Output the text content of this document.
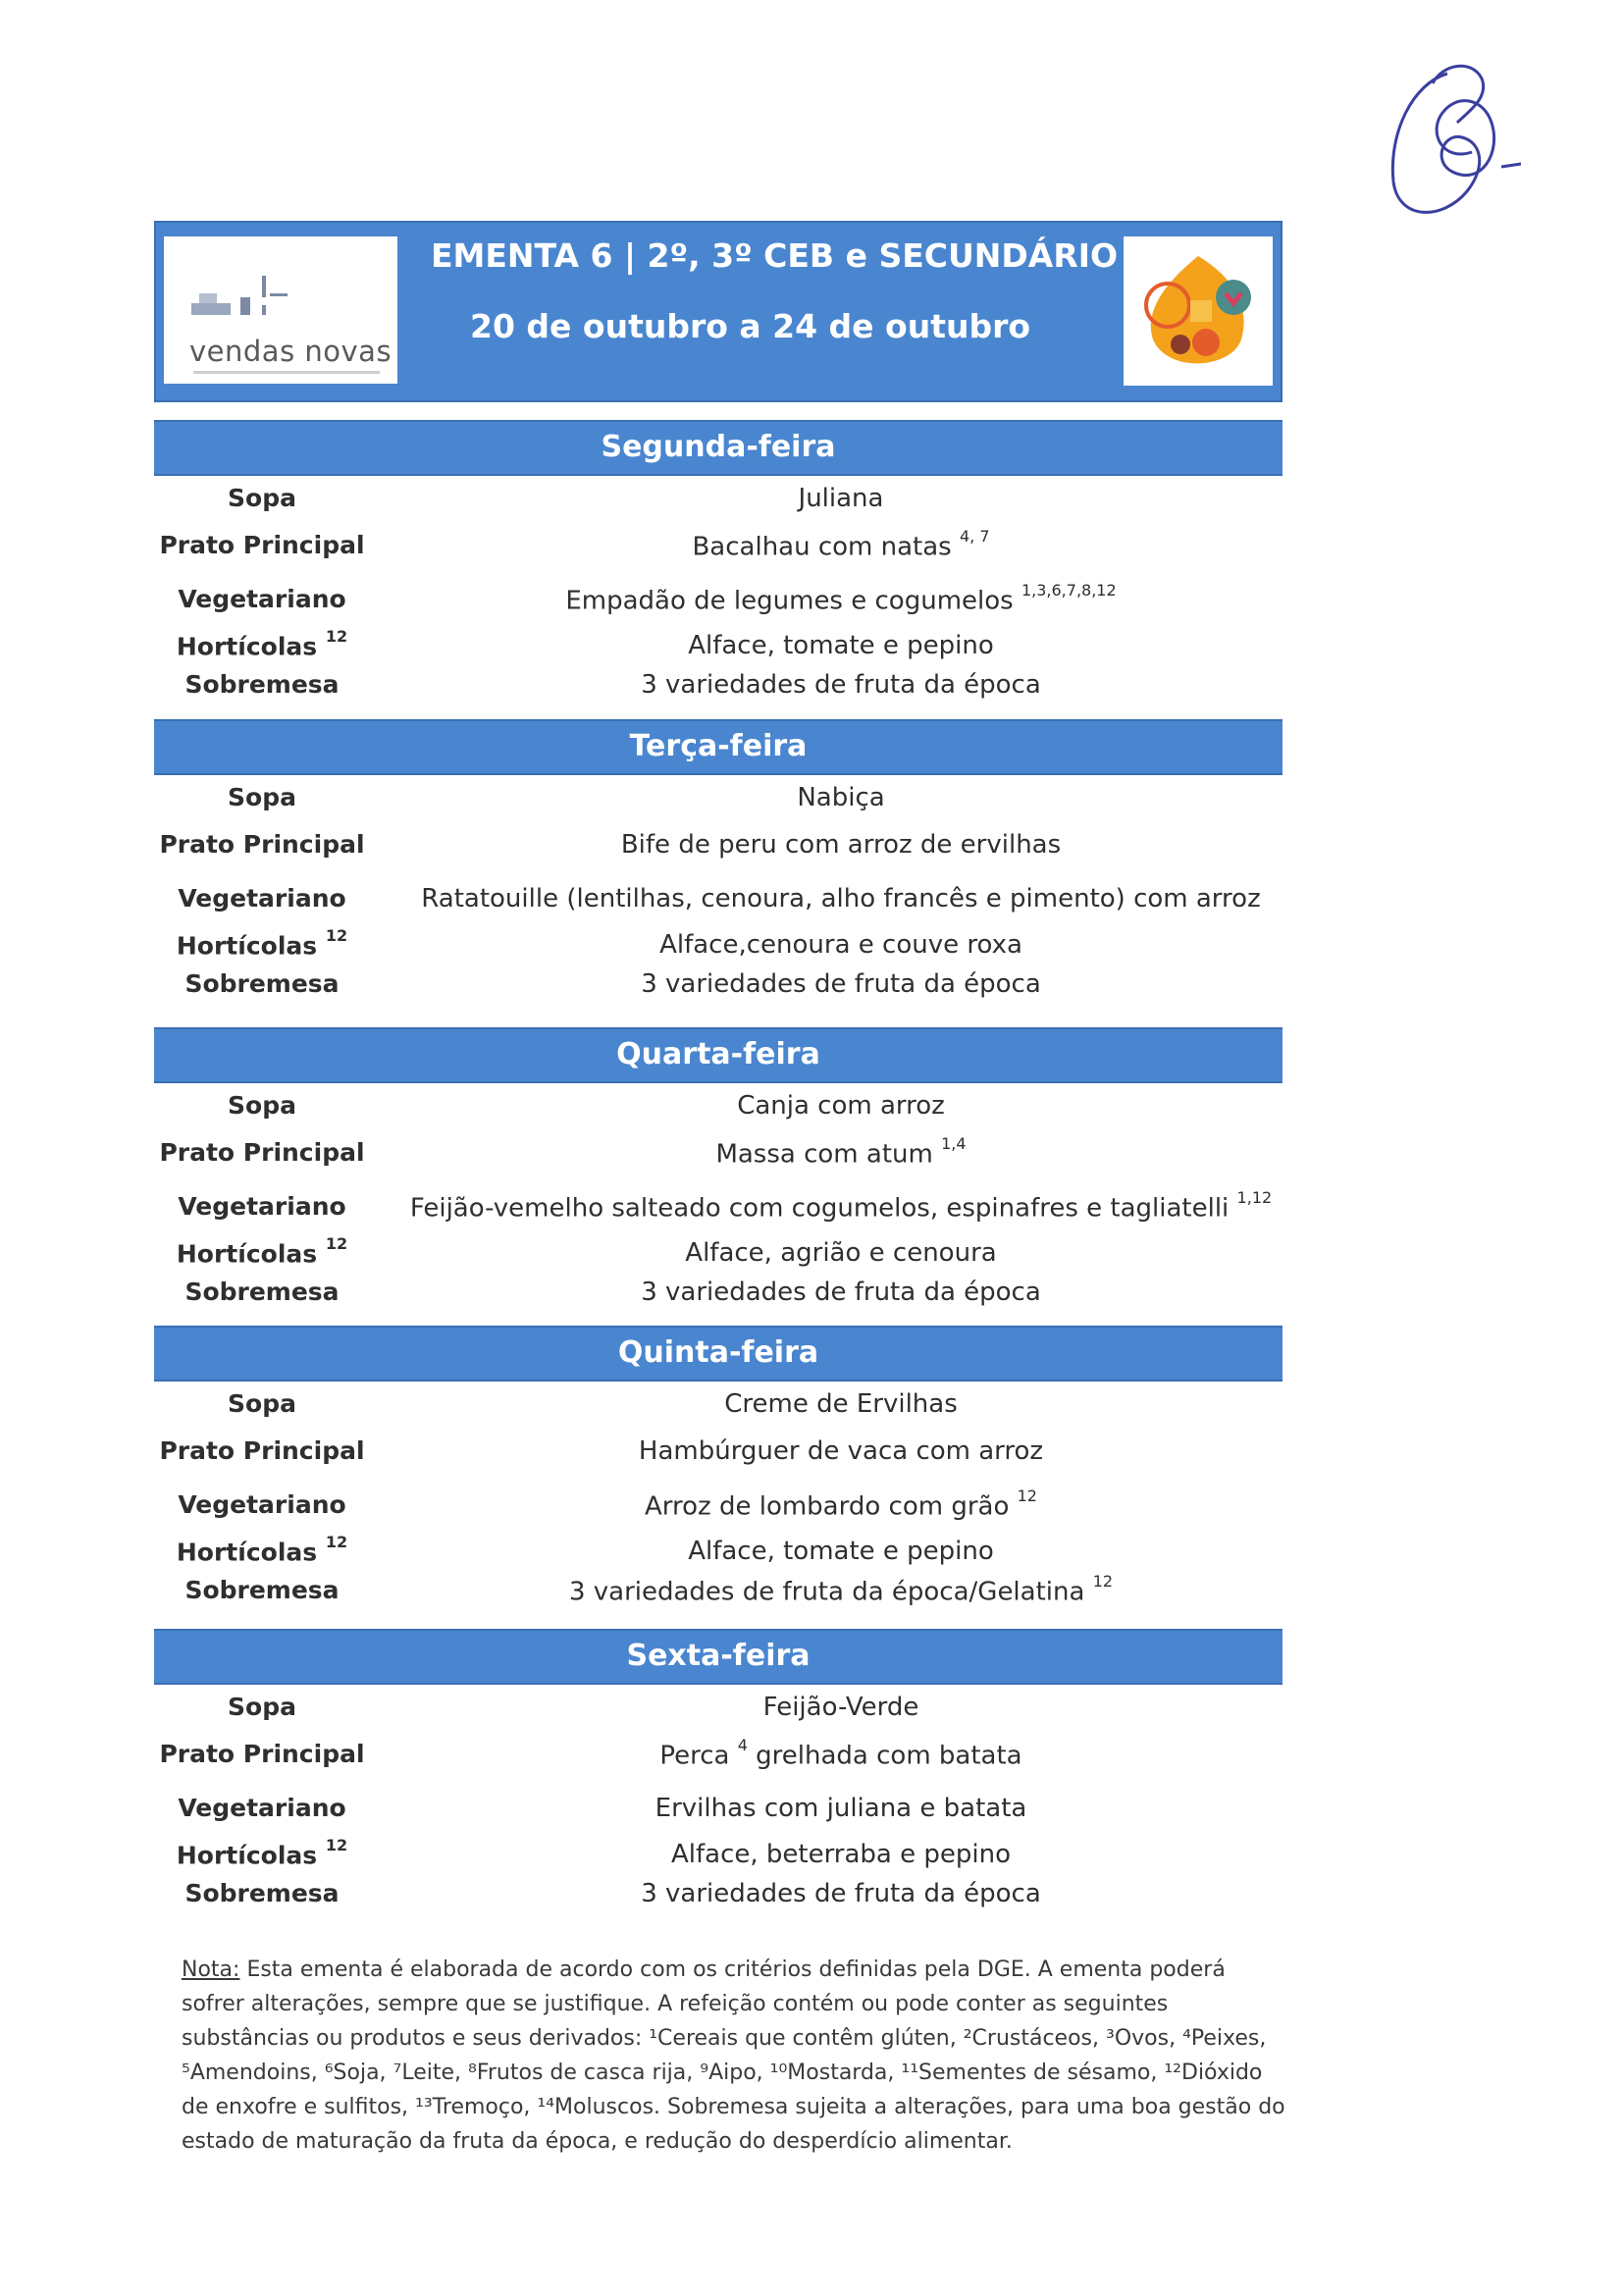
vendas novas
EMENTA 6 | 2º, 3º CEB e SECUNDÁRIO
20 de outubro a 24 de outubro
Segunda-feira
Sopa	Juliana
Prato Principal	Bacalhau com natas $^{4, 7}$
Vegetariano	Empadão de legumes e cogumelos $^{1,3,6,7,8,12}$
Hortícolas $^{12}$	Alface, tomate e pepino
Sobremesa	3 variedades de fruta da época
Terça-feira
Sopa	Nabiça
Prato Principal	Bife de peru com arroz de ervilhas
Vegetariano	Ratatouille (lentilhas, cenoura, alho francês e pimento) com arroz
Hortícolas $^{12}$	Alface,cenoura e couve roxa
Sobremesa	3 variedades de fruta da época
Quarta-feira
Sopa	Canja com arroz
Prato Principal	Massa com atum $^{1,4}$
Vegetariano	Feijão-vemelho salteado com cogumelos, espinafres e tagliatelli $^{1,12}$
Hortícolas $^{12}$	Alface, agrião e cenoura
Sobremesa	3 variedades de fruta da época
Quinta-feira
Sopa	Creme de Ervilhas
Prato Principal	Hambúrguer de vaca com arroz
Vegetariano	Arroz de lombardo com grão $^{12}$
Hortícolas $^{12}$	Alface, tomate e pepino
Sobremesa	3 variedades de fruta da época/Gelatina $^{12}$
Sexta-feira
Sopa	Feijão-Verde
Prato Principal	Perca $^4$ grelhada com batata
Vegetariano	Ervilhas com juliana e batata
Hortícolas $^{12}$	Alface, beterraba e pepino
Sobremesa	3 variedades de fruta da época
Nota: Esta ementa é elaborada de acordo com os critérios definidas pela DGE. A ementa poderá sofrer alterações, sempre que se justifique. A refeição contém ou pode conter as seguintes substâncias ou produtos e seus derivados: ¹Cereais que contêm glúten, ²Crustáceos, ³Ovos, ⁴Peixes, ⁵Amendoins, ⁶Soja, ⁷Leite, ⁸Frutos de casca rija, ⁹Aipo, ¹⁰Mostarda, ¹¹Sementes de sésamo, ¹²Dióxido de enxofre e sulfitos, ¹³Tremoço, ¹⁴Moluscos. Sobremesa sujeita a alterações, para uma boa gestão do estado de maturação da fruta da época, e redução do desperdício alimentar.
